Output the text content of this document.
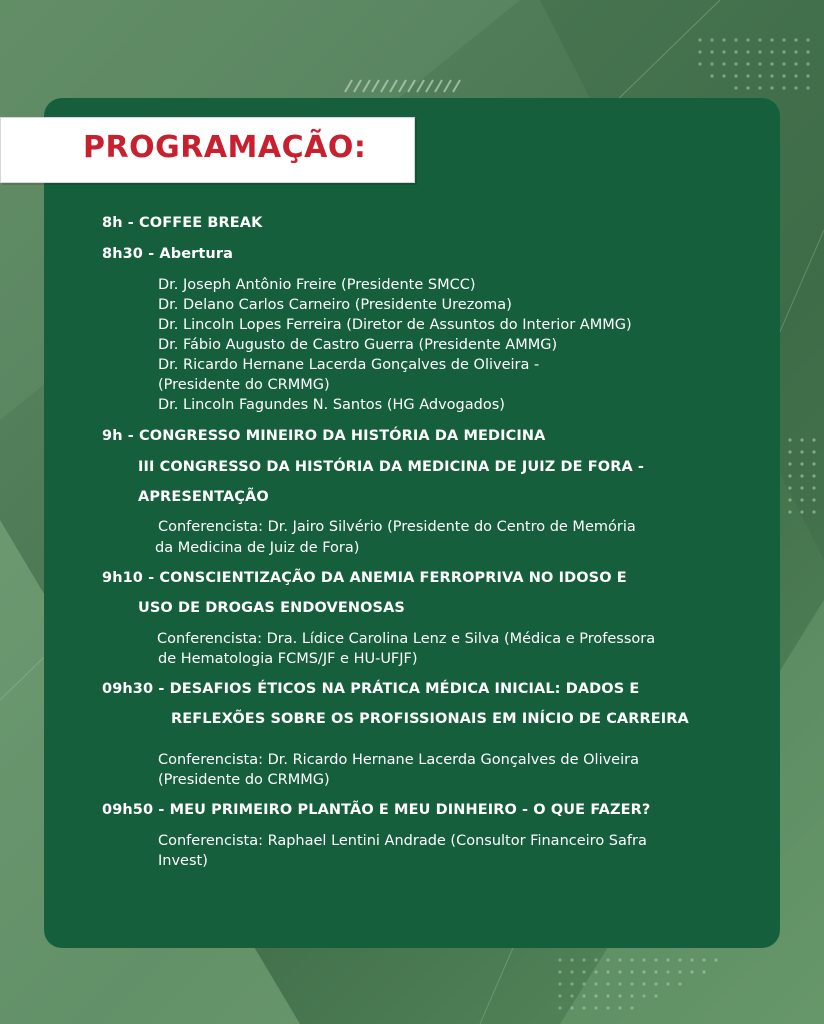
PROGRAMAÇÃO:
8h - COFFEE BREAK
8h30 - Abertura
Dr. Joseph Antônio Freire (Presidente SMCC)
Dr. Delano Carlos Carneiro (Presidente Urezoma)
Dr. Lincoln Lopes Ferreira (Diretor de Assuntos do Interior AMMG)
Dr. Fábio Augusto de Castro Guerra (Presidente AMMG)
Dr. Ricardo Hernane Lacerda Gonçalves de Oliveira -
(Presidente do CRMMG)
Dr. Lincoln Fagundes N. Santos (HG Advogados)
9h - CONGRESSO MINEIRO DA HISTÓRIA DA MEDICINA
III CONGRESSO DA HISTÓRIA DA MEDICINA DE JUIZ DE FORA -
APRESENTAÇÃO
Conferencista: Dr. Jairo Silvério (Presidente do Centro de Memória
da Medicina de Juiz de Fora)
9h10 - CONSCIENTIZAÇÃO DA ANEMIA FERROPRIVA NO IDOSO E
USO DE DROGAS ENDOVENOSAS
Conferencista: Dra. Lídice Carolina Lenz e Silva (Médica e Professora
de Hematologia FCMS/JF e HU-UFJF)
09h30 - DESAFIOS ÉTICOS NA PRÁTICA MÉDICA INICIAL: DADOS E
REFLEXÕES SOBRE OS PROFISSIONAIS EM INÍCIO DE CARREIRA
Conferencista: Dr. Ricardo Hernane Lacerda Gonçalves de Oliveira
(Presidente do CRMMG)
09h50 - MEU PRIMEIRO PLANTÃO E MEU DINHEIRO - O QUE FAZER?
Conferencista: Raphael Lentini Andrade (Consultor Financeiro Safra
Invest)
